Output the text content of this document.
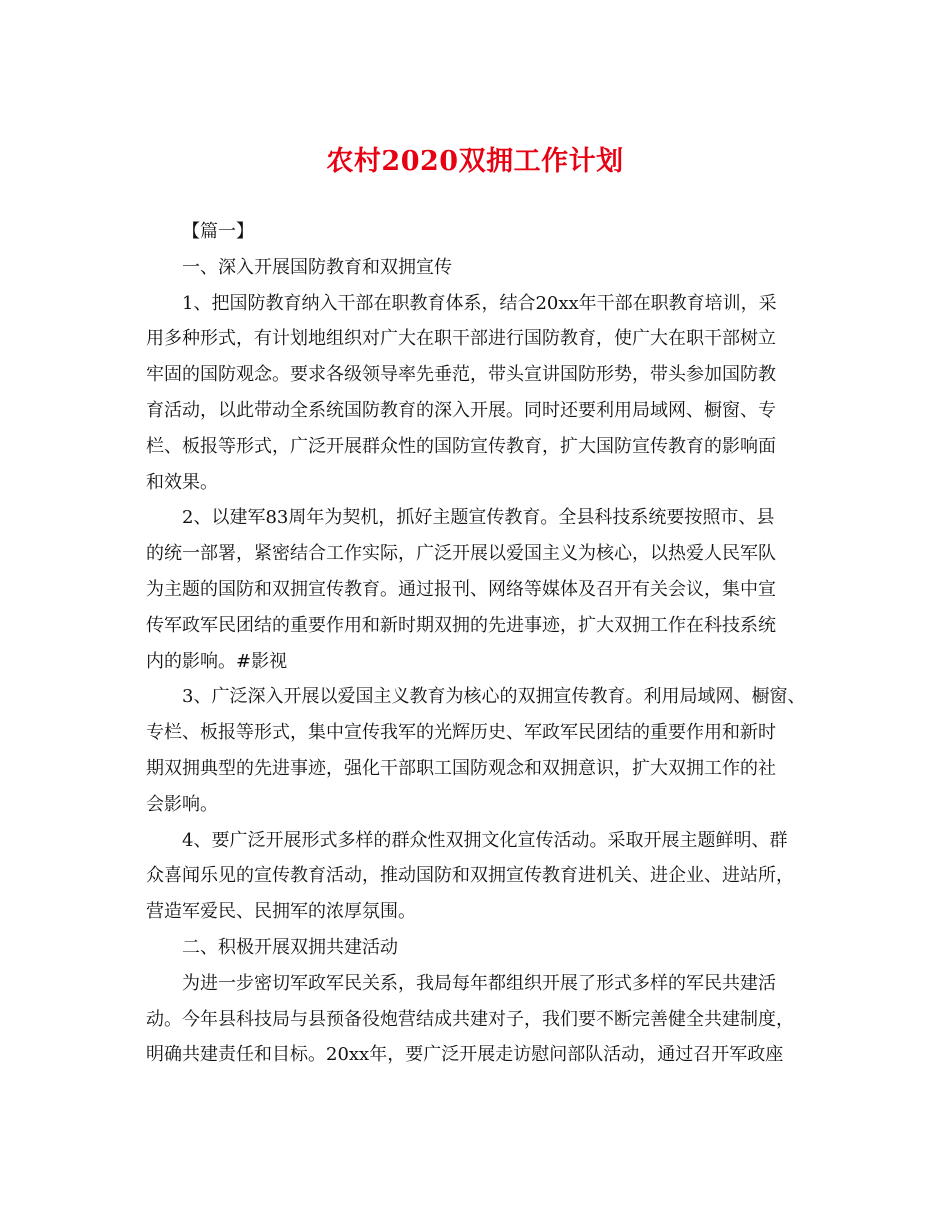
农村2020双拥工作计划
【篇一】
一、深入开展国防教育和双拥宣传
1、把国防教育纳入干部在职教育体系，结合20xx年干部在职教育培训，采
用多种形式，有计划地组织对广大在职干部进行国防教育，使广大在职干部树立
牢固的国防观念。要求各级领导率先垂范，带头宣讲国防形势，带头参加国防教
育活动，以此带动全系统国防教育的深入开展。同时还要利用局域网、橱窗、专
栏、板报等形式，广泛开展群众性的国防宣传教育，扩大国防宣传教育的影响面
和效果。
2、以建军83周年为契机，抓好主题宣传教育。全县科技系统要按照市、县
的统一部署，紧密结合工作实际，广泛开展以爱国主义为核心，以热爱人民军队
为主题的国防和双拥宣传教育。通过报刊、网络等媒体及召开有关会议，集中宣
传军政军民团结的重要作用和新时期双拥的先进事迹，扩大双拥工作在科技系统
内的影响。#影视
3、广泛深入开展以爱国主义教育为核心的双拥宣传教育。利用局域网、橱窗、
专栏、板报等形式，集中宣传我军的光辉历史、军政军民团结的重要作用和新时
期双拥典型的先进事迹，强化干部职工国防观念和双拥意识，扩大双拥工作的社
会影响。
4、要广泛开展形式多样的群众性双拥文化宣传活动。采取开展主题鲜明、群
众喜闻乐见的宣传教育活动，推动国防和双拥宣传教育进机关、进企业、进站所，
营造军爱民、民拥军的浓厚氛围。
二、积极开展双拥共建活动
为进一步密切军政军民关系，我局每年都组织开展了形式多样的军民共建活
动。今年县科技局与县预备役炮营结成共建对子，我们要不断完善健全共建制度，
明确共建责任和目标。20xx年，要广泛开展走访慰问部队活动，通过召开军政座
